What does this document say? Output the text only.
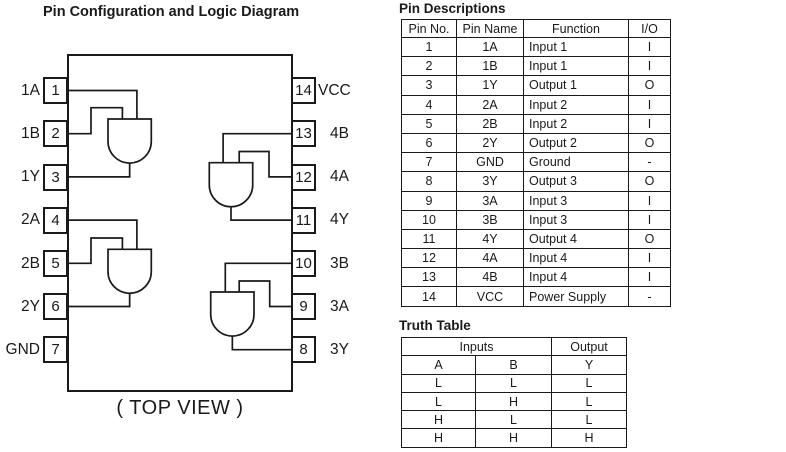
Pin Configuration and Logic Diagram
1
2
3
4
5
6
7
1A
1B
1Y
2A
2B
2Y
GND
14
13
12
11
10
9
8
VCC
4B
4A
4Y
3B
3A
3Y
( TOP VIEW )
Pin Descriptions
Pin No.	Pin Name	Function	I/O
1	1A	Input 1	I
2	1B	Input 1	I
3	1Y	Output 1	O
4	2A	Input 2	I
5	2B	Input 2	I
6	2Y	Output 2	O
7	GND	Ground	-
8	3Y	Output 3	O
9	3A	Input 3	I
10	3B	Input 3	I
11	4Y	Output 4	O
12	4A	Input 4	I
13	4B	Input 4	I
14	VCC	Power Supply	-
Truth Table
Inputs		Output
A	B	Y
L	L	L
L	H	L
H	L	L
H	H	H
